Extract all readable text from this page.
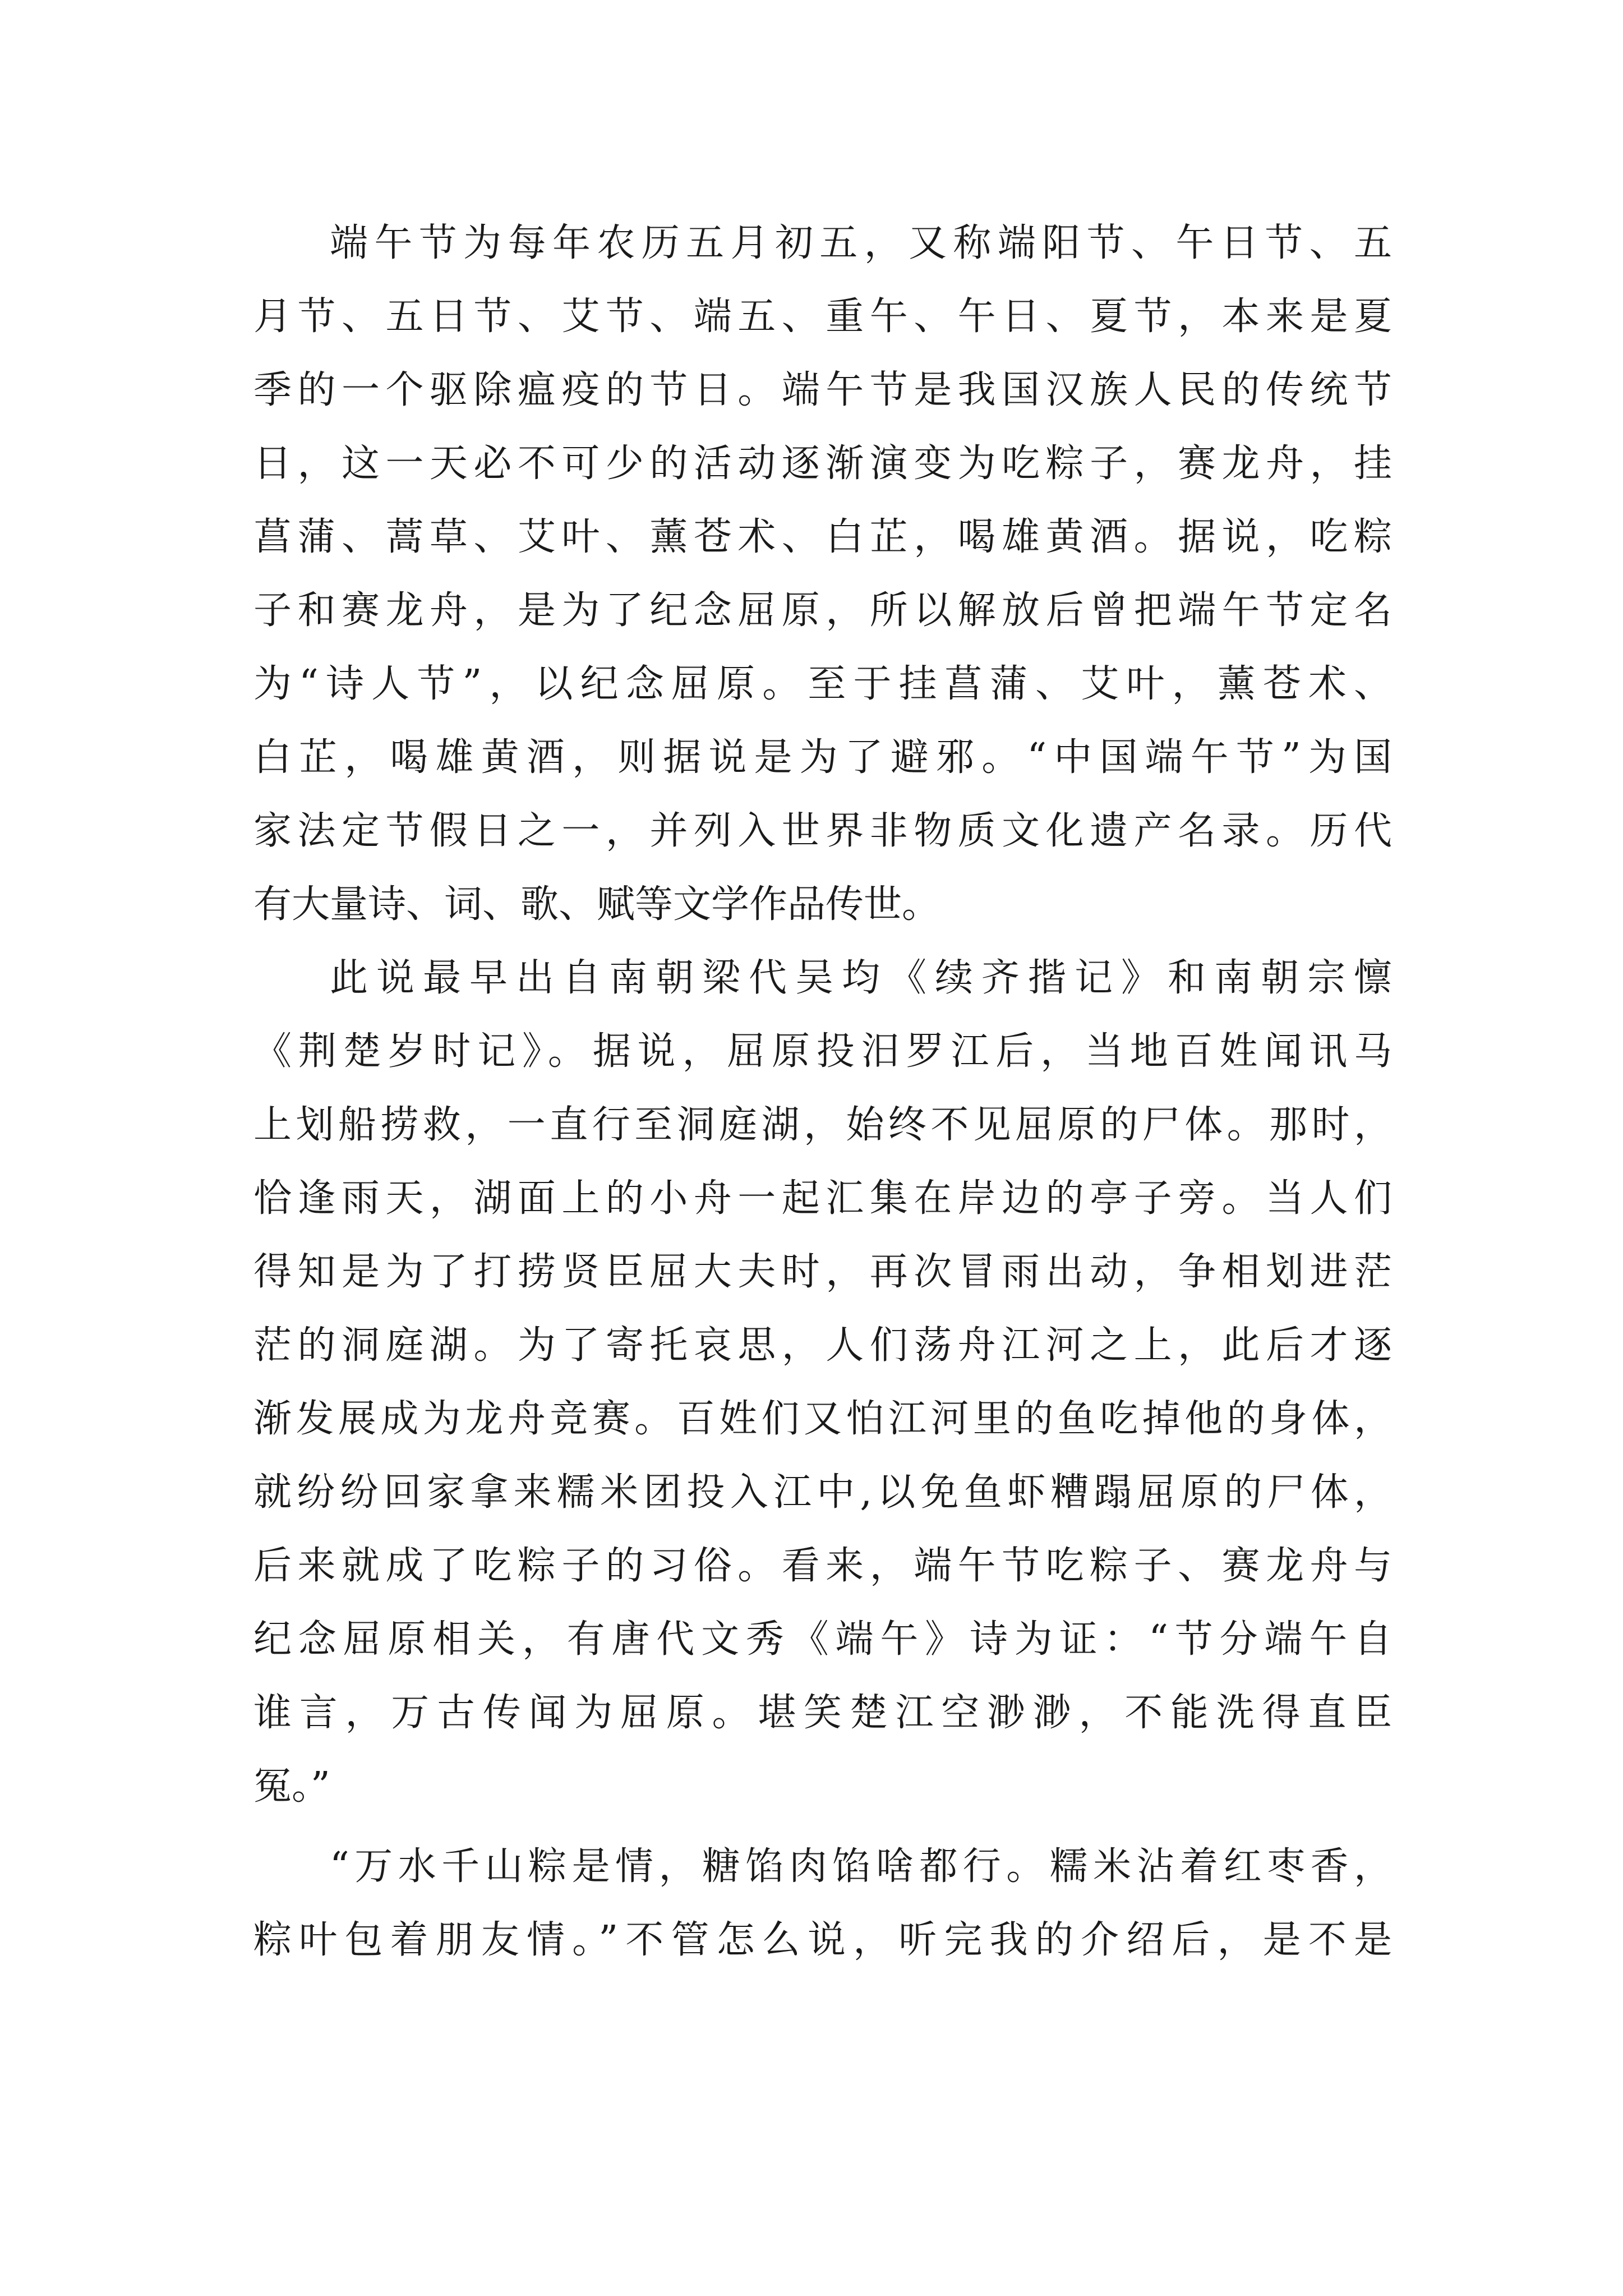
端午节为每年农历五月初五，又称端阳节、午日节、五
月节、五日节、艾节、端五、重午、午日、夏节，本来是夏
季的一个驱除瘟疫的节日。端午节是我国汉族人民的传统节
日，这一天必不可少的活动逐渐演变为吃粽子，赛龙舟，挂
菖蒲、蒿草、艾叶、薰苍术、白芷，喝雄黄酒。据说，吃粽
子和赛龙舟，是为了纪念屈原，所以解放后曾把端午节定名
为“诗人节”，以纪念屈原。至于挂菖蒲、艾叶，薰苍术、
白芷，喝雄黄酒，则据说是为了避邪。“中国端午节”为国
家法定节假日之一，并列入世界非物质文化遗产名录。历代
有大量诗、词、歌、赋等文学作品传世。
此说最早出自南朝梁代吴均《续齐揩记》和南朝宗懔
《荆楚岁时记》。据说，屈原投汨罗江后，当地百姓闻讯马
上划船捞救，一直行至洞庭湖，始终不见屈原的尸体。那时，
恰逢雨天，湖面上的小舟一起汇集在岸边的亭子旁。当人们
得知是为了打捞贤臣屈大夫时，再次冒雨出动，争相划进茫
茫的洞庭湖。为了寄托哀思，人们荡舟江河之上，此后才逐
渐发展成为龙舟竞赛。百姓们又怕江河里的鱼吃掉他的身体，
就纷纷回家拿来糯米团投入江中,以免鱼虾糟蹋屈原的尸体，
后来就成了吃粽子的习俗。看来，端午节吃粽子、赛龙舟与
纪念屈原相关，有唐代文秀《端午》诗为证：“节分端午自
谁言，万古传闻为屈原。堪笑楚江空渺渺，不能洗得直臣
冤。”
“万水千山粽是情，糖馅肉馅啥都行。糯米沾着红枣香，
粽叶包着朋友情。”不管怎么说，听完我的介绍后，是不是
